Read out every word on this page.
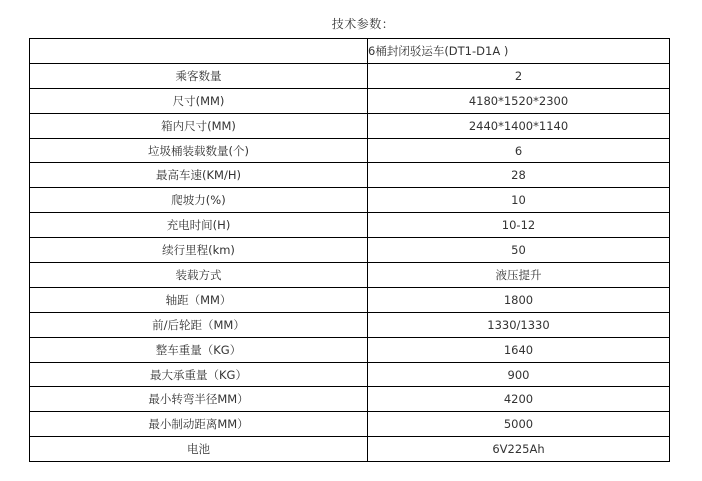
技术参数：
	6桶封闭驳运车(DT1-D1A )
乘客数量	2
尺寸(MM)	4180*1520*2300
箱内尺寸(MM)	2440*1400*1140
垃圾桶装载数量(个)	6
最高车速(KM/H)	28
爬坡力(%)	10
充电时间(H)	10-12
续行里程(km)	50
装载方式	液压提升
轴距（MM）	1800
前/后轮距（MM）	1330/1330
整车重量（KG）	1640
最大承重量（KG）	900
最小转弯半径MM）	4200
最小制动距离MM）	5000
电池	6V225Ah
